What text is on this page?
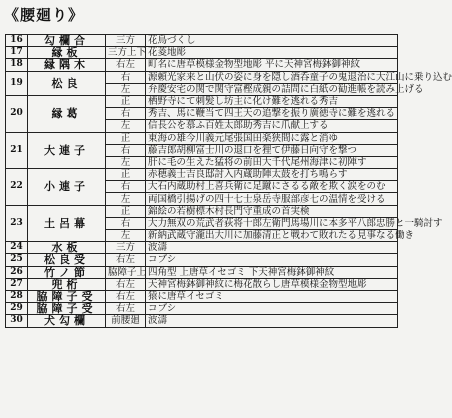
《腰廻り》
16	勾欄合	三方	花鳥づくし
17	縁板	三方上下	花菱地彫
18	縁隅木	右左	町名に唐草模様金物型地彫 平に天神宮梅鉢御神紋
19	松良	右	源頼光家来と山伏の姿に身を隠し酒呑童子の鬼退治に大江山に乗り込む
		左	弁慶安宅の関で関守富樫成親の詰問に白紙の勧進帳を読み上げる
20	縁葛	正	栖野寺にて刺髪し坊主に化け難を逃れる秀吉
		右	秀吉、馬に鞭当て四王天の追撃を振り廣徳寺に難を逃れる
		左	信長公を慕ふ百姓太郎助秀吉に爪献上する
21	大連子	正	東海の雄今川義元尾張国田楽狭間に露と消ゆ
		右	藤吉郎胡柳富士川の退口を狸て伊藤日向守を撃つ
		左	肝に毛の生えた猛将の前田大千代尾州海津に初陣す
22	小連子	正	赤穂義士吉良邸討入内蔵助陣太鼓を打ち鳴らす
		右	大石内蔵助村上喜兵衛に足蹴にさるる敵を欺く涙をのむ
		左	両国橋引揚げの四十七士泉岳寺服部彦七の温情を受ける
23	土呂幕	正	錦絵の若樹標木村長門守重成の首実検
		右	大力無双の荒武者荻将十郎左衛門馬場川に本多平八郎忠勝と一騎討す
		左	新納武蔵守瀧出大川に加藤清正と戦わて敗れたる見事なる働き
24	水板	三方	波濤
25	松良受	右左	コブシ
26	竹ノ節	脇障子上	四角型 上唐草イセゴミ 下天神宮梅鉢御神紋
27	兜桁	右左	天神宮梅鉢御神紋に梅花散らし唐草模様金物型地彫
28	脇障子受	右左	猿に唐草イセゴミ
29	脇障子受	右左	コブシ
30	犬勾欄	前腰廻	波濤
